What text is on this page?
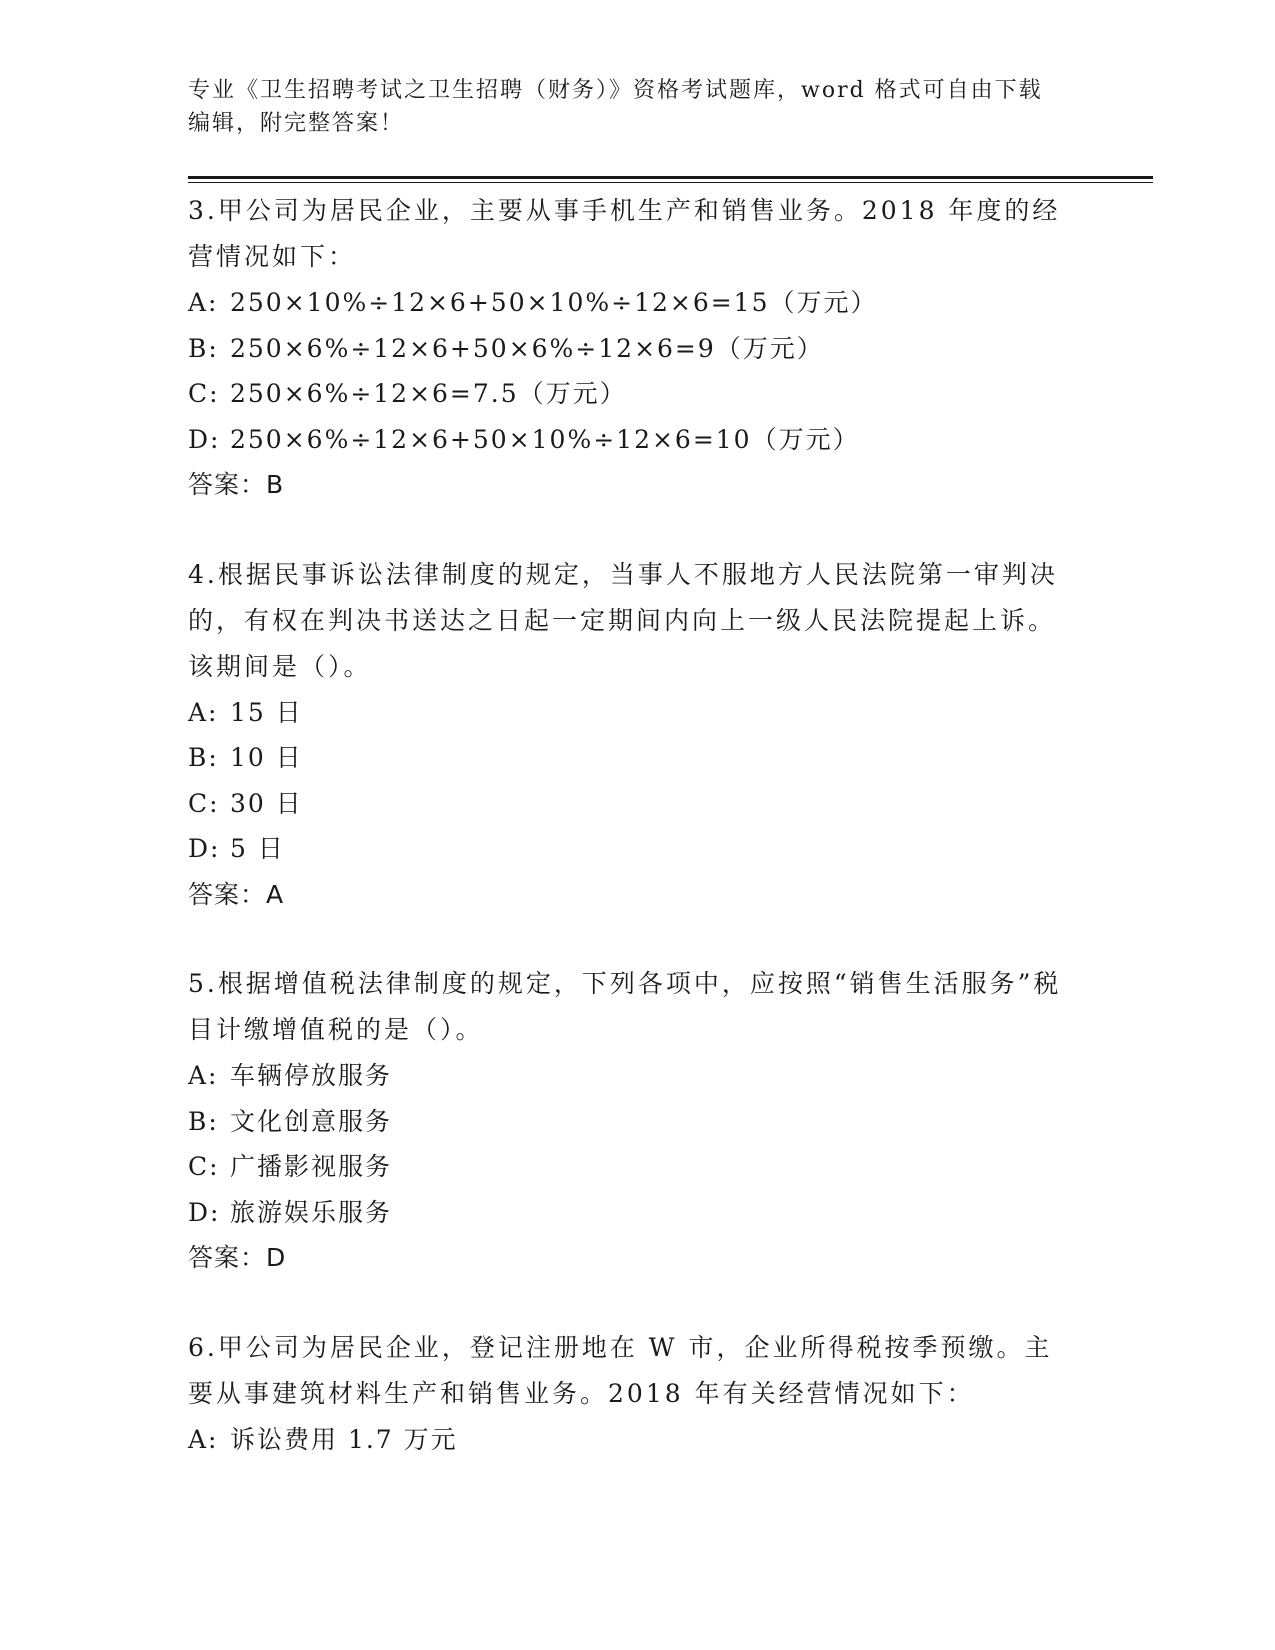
专业《卫生招聘考试之卫生招聘（财务）》资格考试题库，word 格式可自由下载
编辑，附完整答案！
3.甲公司为居民企业，主要从事手机生产和销售业务。2018 年度的经营情况如下：
A: 250×10%÷12×6+50×10%÷12×6=15（万元）
B: 250×6%÷12×6+50×6%÷12×6=9（万元）
C: 250×6%÷12×6=7.5（万元）
D: 250×6%÷12×6+50×10%÷12×6=10（万元）
答案：B
4.根据民事诉讼法律制度的规定，当事人不服地方人民法院第一审判决的，有权在判决书送达之日起一定期间内向上一级人民法院提起上诉。该期间是（）。
A: 15 日
B: 10 日
C: 30 日
D: 5 日
答案：A
5.根据增值税法律制度的规定，下列各项中，应按照“销售生活服务”税目计缴增值税的是（）。
A: 车辆停放服务
B: 文化创意服务
C: 广播影视服务
D: 旅游娱乐服务
答案：D
6.甲公司为居民企业，登记注册地在 W 市，企业所得税按季预缴。主要从事建筑材料生产和销售业务。2018 年有关经营情况如下：
A: 诉讼费用 1.7 万元
